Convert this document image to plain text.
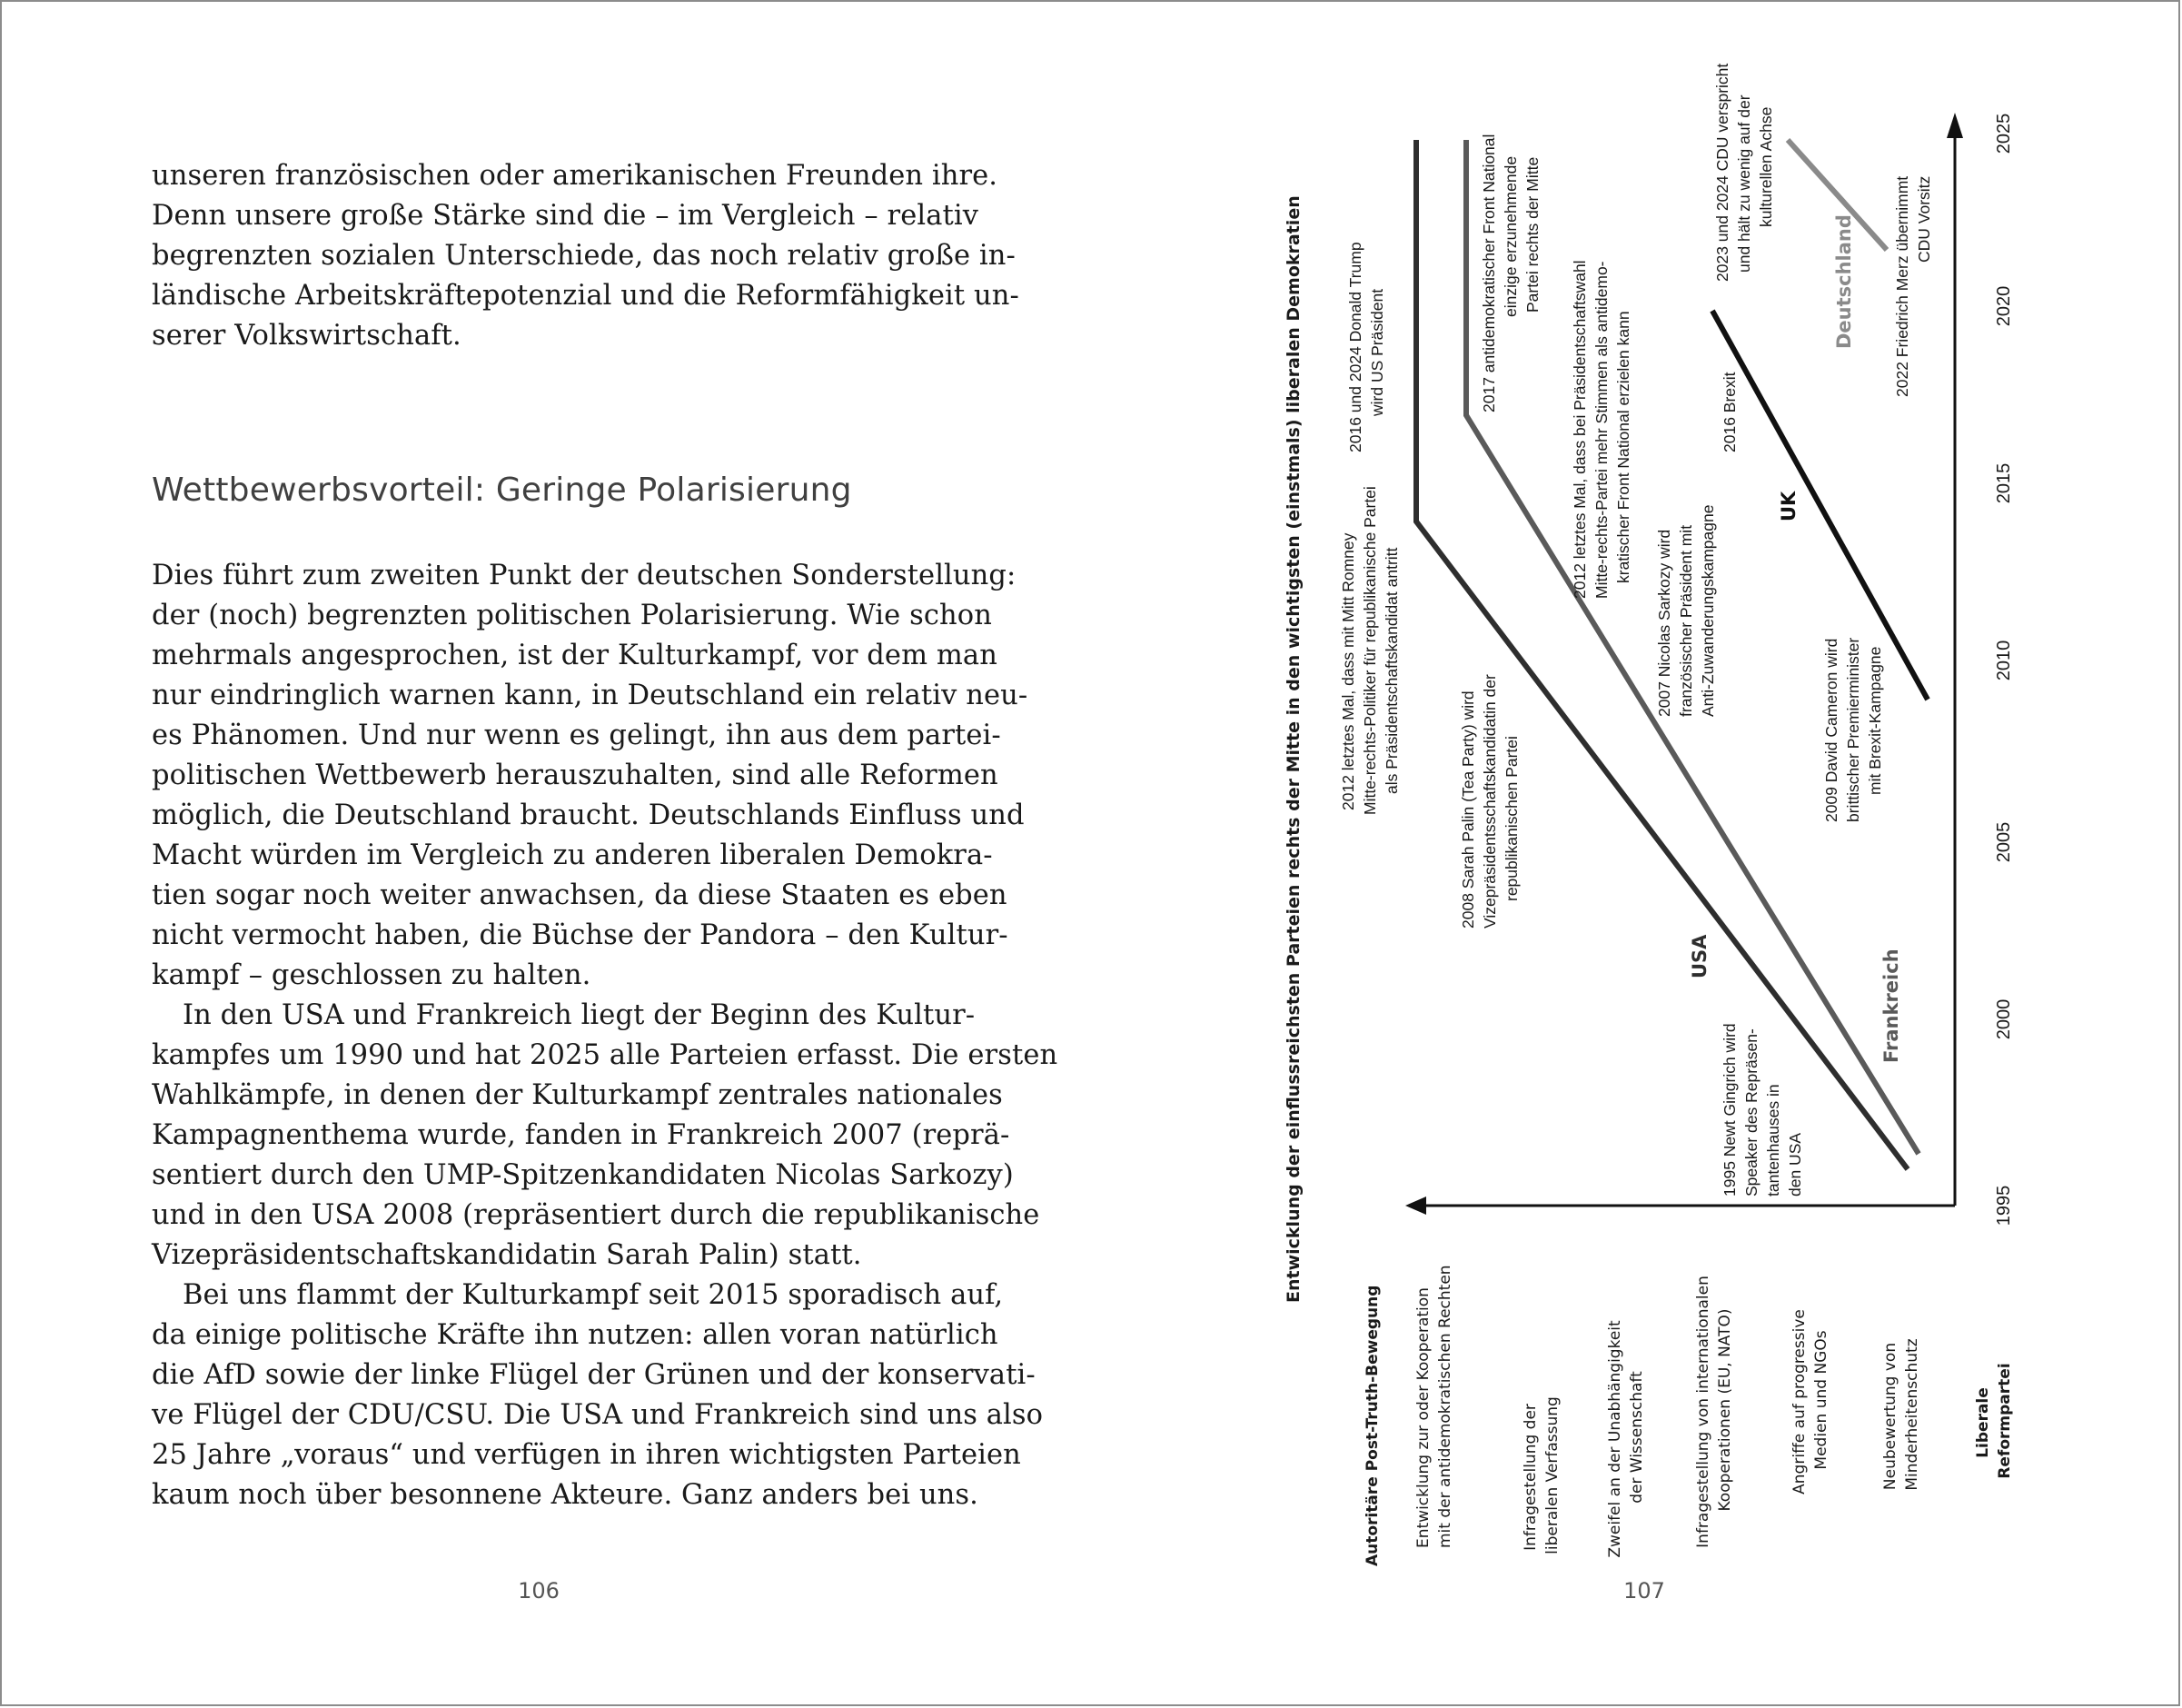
unseren französischen oder amerikanischen Freunden ihre.
Denn unsere große Stärke sind die – im Vergleich – relativ
begrenzten sozialen Unterschiede, das noch relativ große in-
ländische Arbeitskräftepotenzial und die Reformfähigkeit un-
serer Volkswirtschaft.
Wettbewerbsvorteil: Geringe Polarisierung
Dies führt zum zweiten Punkt der deutschen Sonderstellung:
der (noch) begrenzten politischen Polarisierung. Wie schon
mehrmals angesprochen, ist der Kulturkampf, vor dem man
nur eindringlich warnen kann, in Deutschland ein relativ neu-
es Phänomen. Und nur wenn es gelingt, ihn aus dem partei-
politischen Wettbewerb herauszuhalten, sind alle Reformen
möglich, die Deutschland braucht. Deutschlands Einfluss und
Macht würden im Vergleich zu anderen liberalen Demokra-
tien sogar noch weiter anwachsen, da diese Staaten es eben
nicht vermocht haben, die Büchse der Pandora – den Kultur-
kampf – geschlossen zu halten.
In den USA und Frankreich liegt der Beginn des Kultur-
kampfes um 1990 und hat 2025 alle Parteien erfasst. Die ersten
Wahlkämpfe, in denen der Kulturkampf zentrales nationales
Kampagnenthema wurde, fanden in Frankreich 2007 (reprä-
sentiert durch den UMP-Spitzenkandidaten Nicolas Sarkozy)
und in den USA 2008 (repräsentiert durch die republikanische
Vizepräsidentschaftskandidatin Sarah Palin) statt.
Bei uns flammt der Kulturkampf seit 2015 sporadisch auf,
da einige politische Kräfte ihn nutzen: allen voran natürlich
die AfD sowie der linke Flügel der Grünen und der konservati-
ve Flügel der CDU/CSU. Die USA und Frankreich sind uns also
25 Jahre „voraus“ und verfügen in ihren wichtigsten Parteien
kaum noch über besonnene Akteure. Ganz anders bei uns.
106	107
Entwicklung der einflussreichsten Parteien rechts der Mitte in den wichtigsten (einstmals) liberalen Demokratien
Autoritäre Post-Truth-Bewegung Entwicklung zur oder Kooperation mit der antidemokratischen Rechten	Infragestellung der liberalen Verfassung	Zweifel an der Unabhängigkeit der Wissenschaft	Infragestellung von internationalen Kooperationen (EU, NATO)	Angriffe auf progressive Medien und NGOs	Neubewertung von Minderheitenschutz	Liberale Reformpartei
1995
2000
2005
2010
2015
2020
2025
USA	Frankreich
UK
Deutschland
1995 Newt Gingrich wird Speaker des Repräsen- tantenhauses in den USA
2008 Sarah Palin (Tea Party) wird Vizepräsidentsschaftskandidatin der republikanischen Partei
2012 letztes Mal, dass mit Mitt Romney Mitte-rechts-Politiker für republikanische Partei als Präsidentschaftskandidat antritt
2016 und 2024 Donald Trump wird US Präsident	2017 antidemokratischer Front National einzige erzunehmende Partei rechts der Mitte
2012 letztes Mal, dass bei Präsidentschaftswahl Mitte-rechts-Partei mehr Stimmen als antidemo- kratischer Front National erzielen kann
2007 Nicolas Sarkozy wird französischer Präsident mit Anti-Zuwanderungskampagne
2016 Brexit
2009 David Cameron wird brittischer Premierminister mit Brexit-Kampagne
2023 und 2024 CDU verspricht und hält zu wenig auf der kulturellen Achse
2022 Friedrich Merz übernimmt CDU Vorsitz
